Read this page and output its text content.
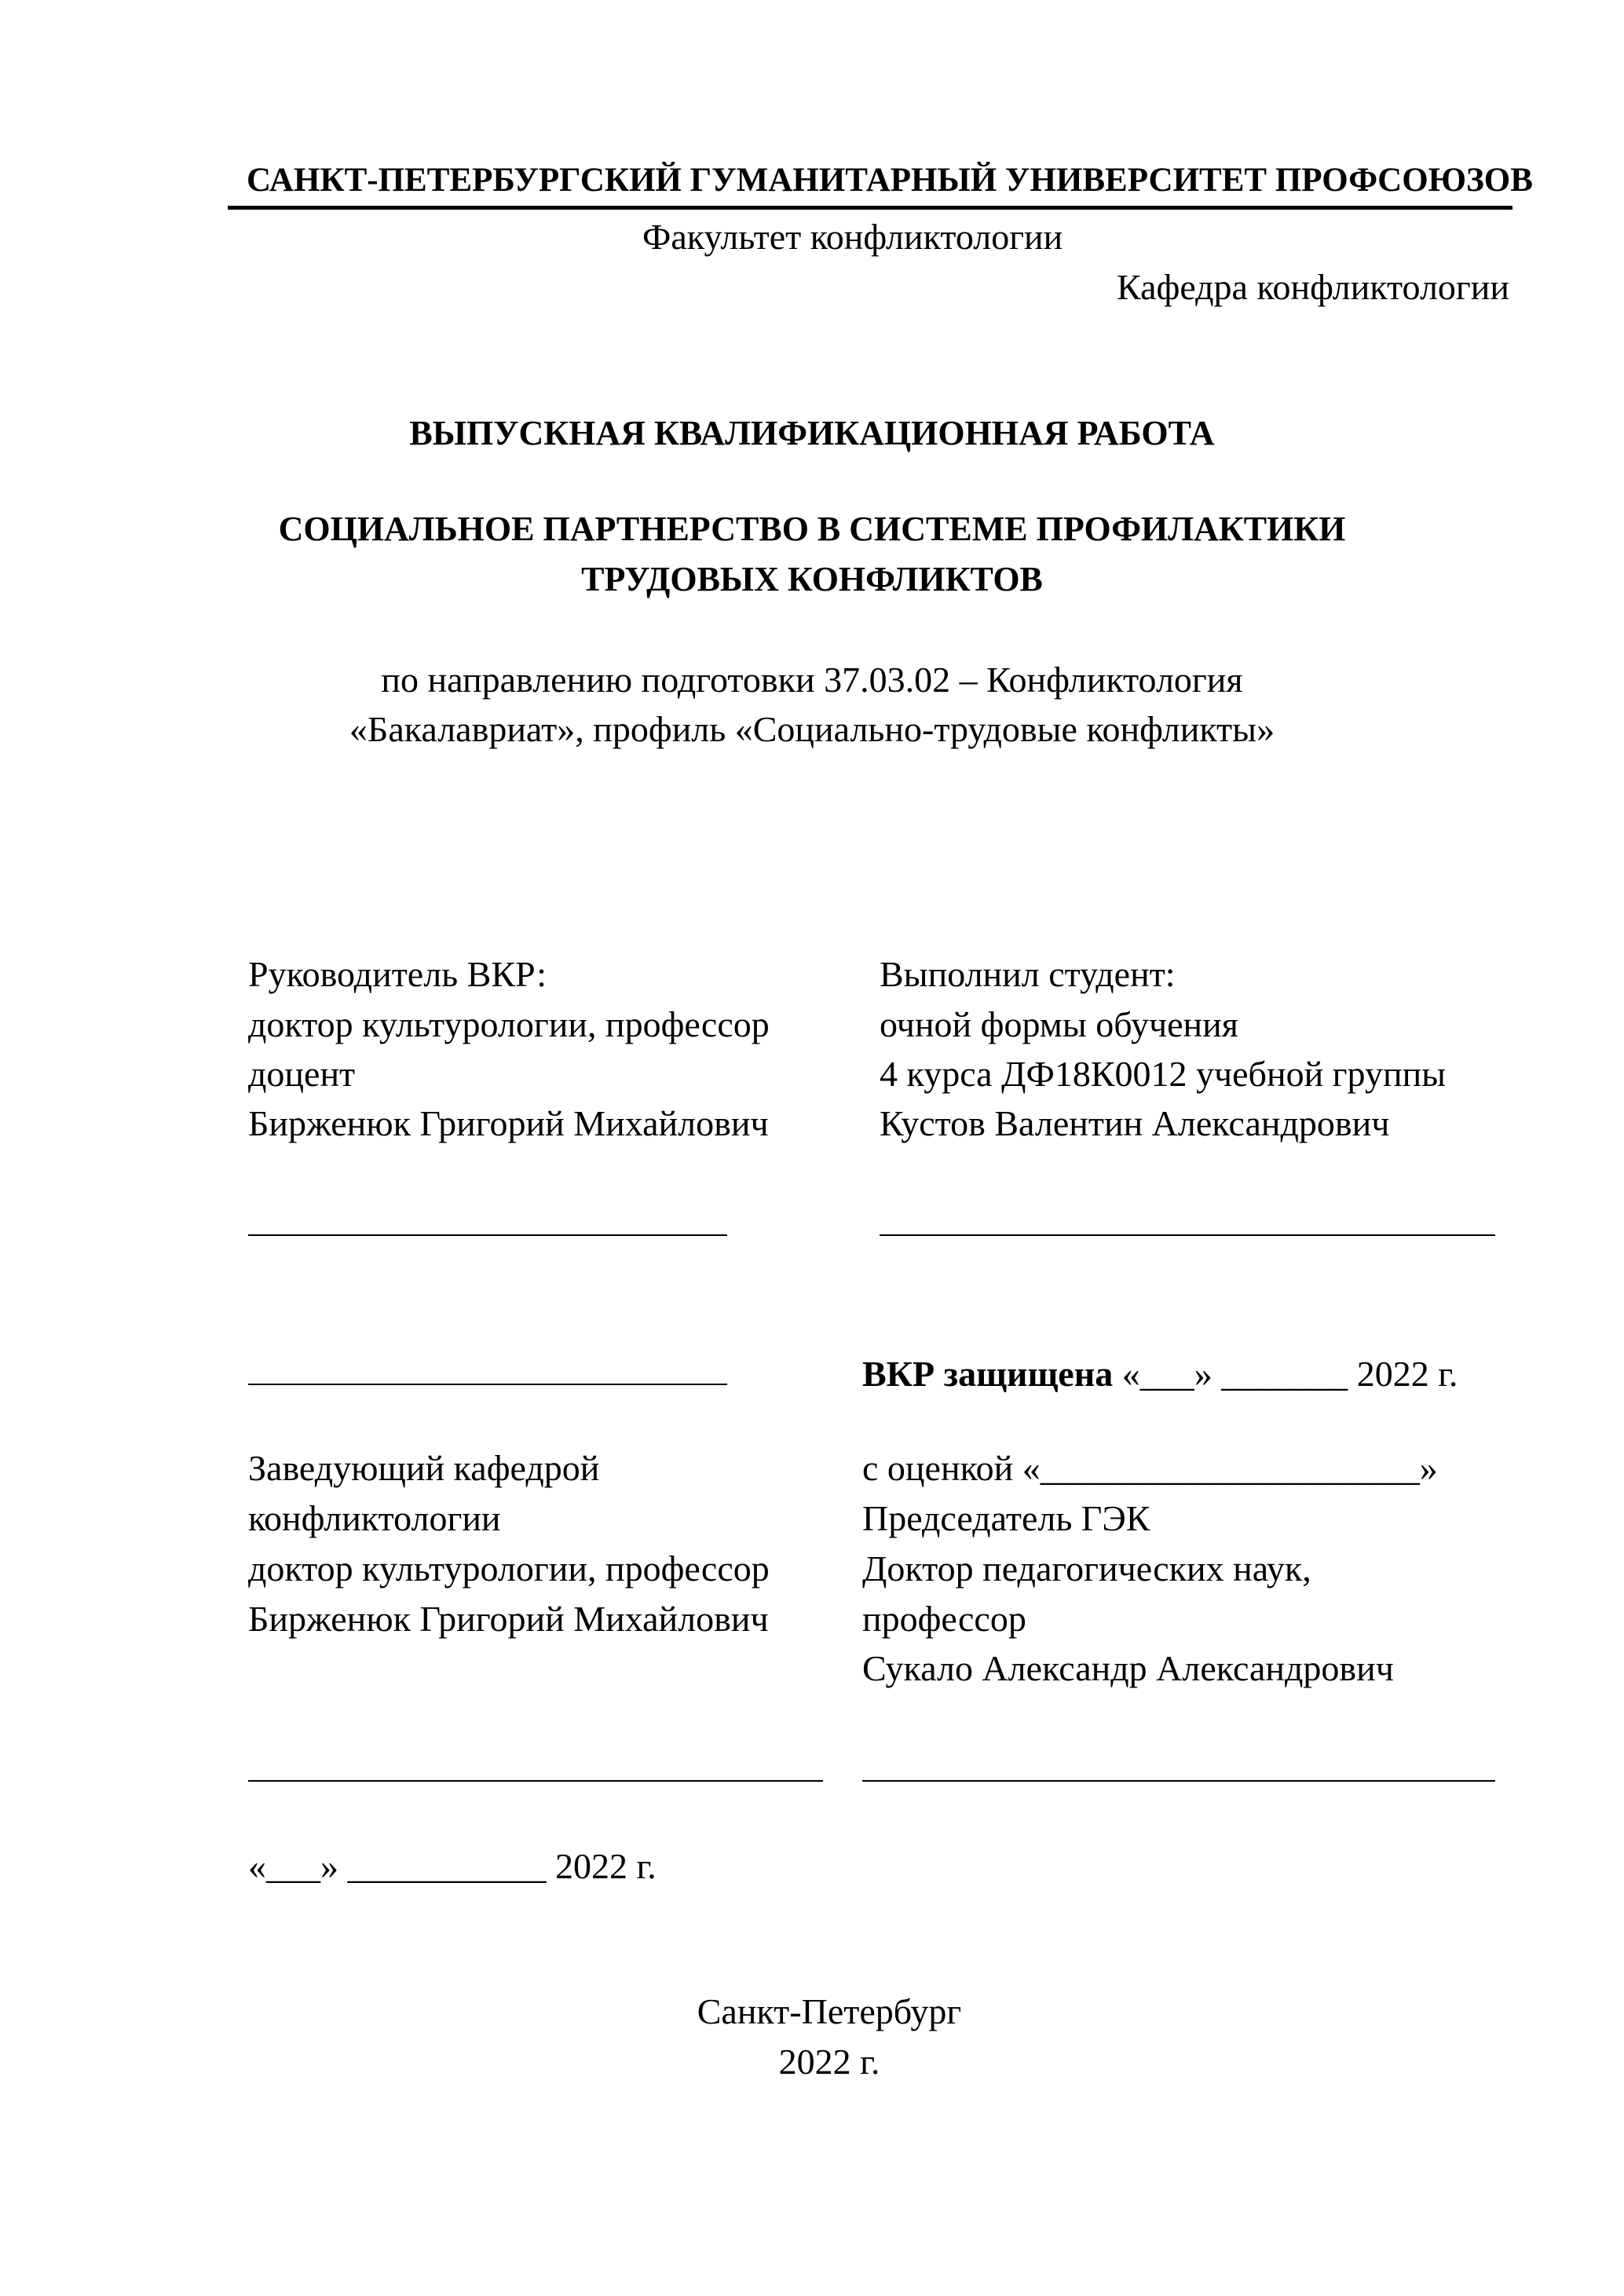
САНКТ-ПЕТЕРБУРГСКИЙ ГУМАНИТАРНЫЙ УНИВЕРСИТЕТ ПРОФСОЮЗОВ
Факультет конфликтологии
Кафедра конфликтологии
ВЫПУСКНАЯ КВАЛИФИКАЦИОННАЯ РАБОТА
СОЦИАЛЬНОЕ ПАРТНЕРСТВО В СИСТЕМЕ ПРОФИЛАКТИКИ
ТРУДОВЫХ КОНФЛИКТОВ
по направлению подготовки 37.03.02 – Конфликтология
«Бакалавриат», профиль «Социально-трудовые конфликты»
Руководитель ВКР:
доктор культурологии, профессор
доцент
Бирженюк Григорий Михайлович
Выполнил студент:
очной формы обучения
4 курса ДФ18К0012 учебной группы
Кустов Валентин Александрович
ВКР защищена «___» _______ 2022 г.
Заведующий кафедрой
конфликтологии
доктор культурологии, профессор
Бирженюк Григорий Михайлович
с оценкой «_____________________»
Председатель ГЭК
Доктор педагогических наук,
профессор
Сукало Александр Александрович
«___» ___________ 2022 г.
Санкт-Петербург
2022 г.
